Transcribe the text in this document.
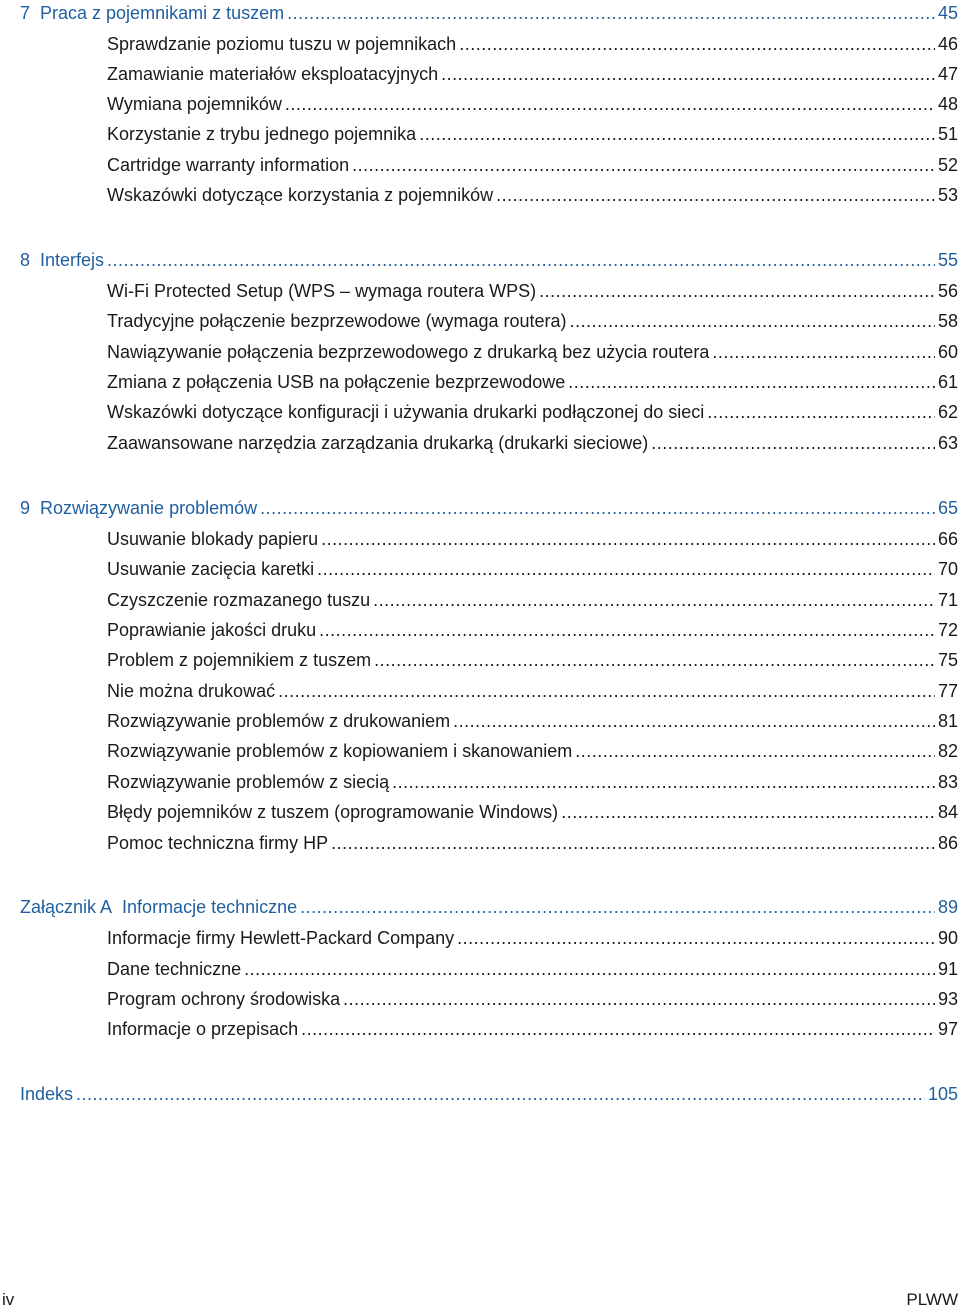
7 Praca z pojemnikami z tuszem .....	45
Sprawdzanie poziomu tuszu w pojemnikach .....	46
Zamawianie materiałów eksploatacyjnych .....	47
Wymiana pojemników .....	48
Korzystanie z trybu jednego pojemnika .....	51
Cartridge warranty information .....	52
Wskazówki dotyczące korzystania z pojemników .....	53
8 Interfejs .....	55
Wi-Fi Protected Setup (WPS – wymaga routera WPS) .....	56
Tradycyjne połączenie bezprzewodowe (wymaga routera) .....	58
Nawiązywanie połączenia bezprzewodowego z drukarką bez użycia routera .....	60
Zmiana z połączenia USB na połączenie bezprzewodowe .....	61
Wskazówki dotyczące konfiguracji i używania drukarki podłączonej do sieci .....	62
Zaawansowane narzędzia zarządzania drukarką (drukarki sieciowe) .....	63
9 Rozwiązywanie problemów .....	65
Usuwanie blokady papieru .....	66
Usuwanie zacięcia karetki .....	70
Czyszczenie rozmazanego tuszu .....	71
Poprawianie jakości druku .....	72
Problem z pojemnikiem z tuszem .....	75
Nie można drukować .....	77
Rozwiązywanie problemów z drukowaniem .....	81
Rozwiązywanie problemów z kopiowaniem i skanowaniem .....	82
Rozwiązywanie problemów z siecią .....	83
Błędy pojemników z tuszem (oprogramowanie Windows) .....	84
Pomoc techniczna firmy HP .....	86
Załącznik A Informacje techniczne .....	89
Informacje firmy Hewlett-Packard Company .....	90
Dane techniczne .....	91
Program ochrony środowiska .....	93
Informacje o przepisach .....	97
Indeks .....	105
iv	PLWW
